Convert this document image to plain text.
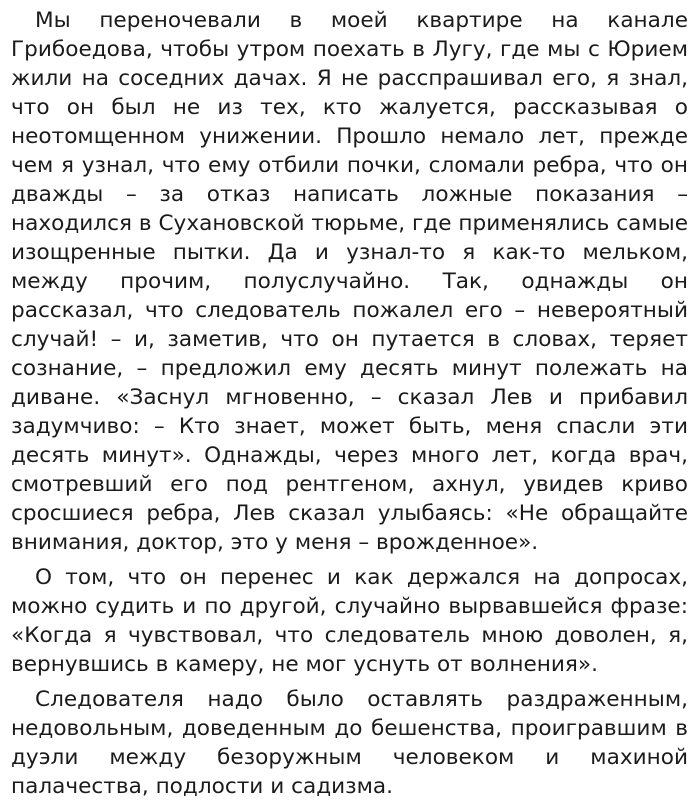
Мы переночевали в моей квартире на канале Грибоедова, чтобы утром поехать в Лугу, где мы с Юрием жили на соседних дачах. Я не расспрашивал его, я знал, что он был не из тех, кто жалуется, рассказывая о неотомщенном унижении. Прошло немало лет, прежде чем я узнал, что ему отбили почки, сломали ребра, что он дважды – за отказ написать ложные показания – находился в Сухановской тюрьме, где применялись самые изощренные пытки. Да и узнал-то я как-то мельком, между прочим, полуслучайно. Так, однажды он рассказал, что следователь пожалел его – невероятный случай! – и, заметив, что он путается в словах, теряет сознание, – предложил ему десять минут полежать на диване. «Заснул мгновенно, – сказал Лев и прибавил задумчиво: – Кто знает, может быть, меня спасли эти десять минут». Однажды, через много лет, когда врач, смотревший его под рентгеном, ахнул, увидев криво сросшиеся ребра, Лев сказал улыбаясь: «Не обращайте внимания, доктор, это у меня – врожденное».

О том, что он перенес и как держался на допросах, можно судить и по другой, случайно вырвавшейся фразе: «Когда я чувствовал, что следователь мною доволен, я, вернувшись в камеру, не мог уснуть от волнения».

Следователя надо было оставлять раздраженным, недовольным, доведенным до бешенства, проигравшим в дуэли между безоружным человеком и махиной палачества, подлости и садизма.
